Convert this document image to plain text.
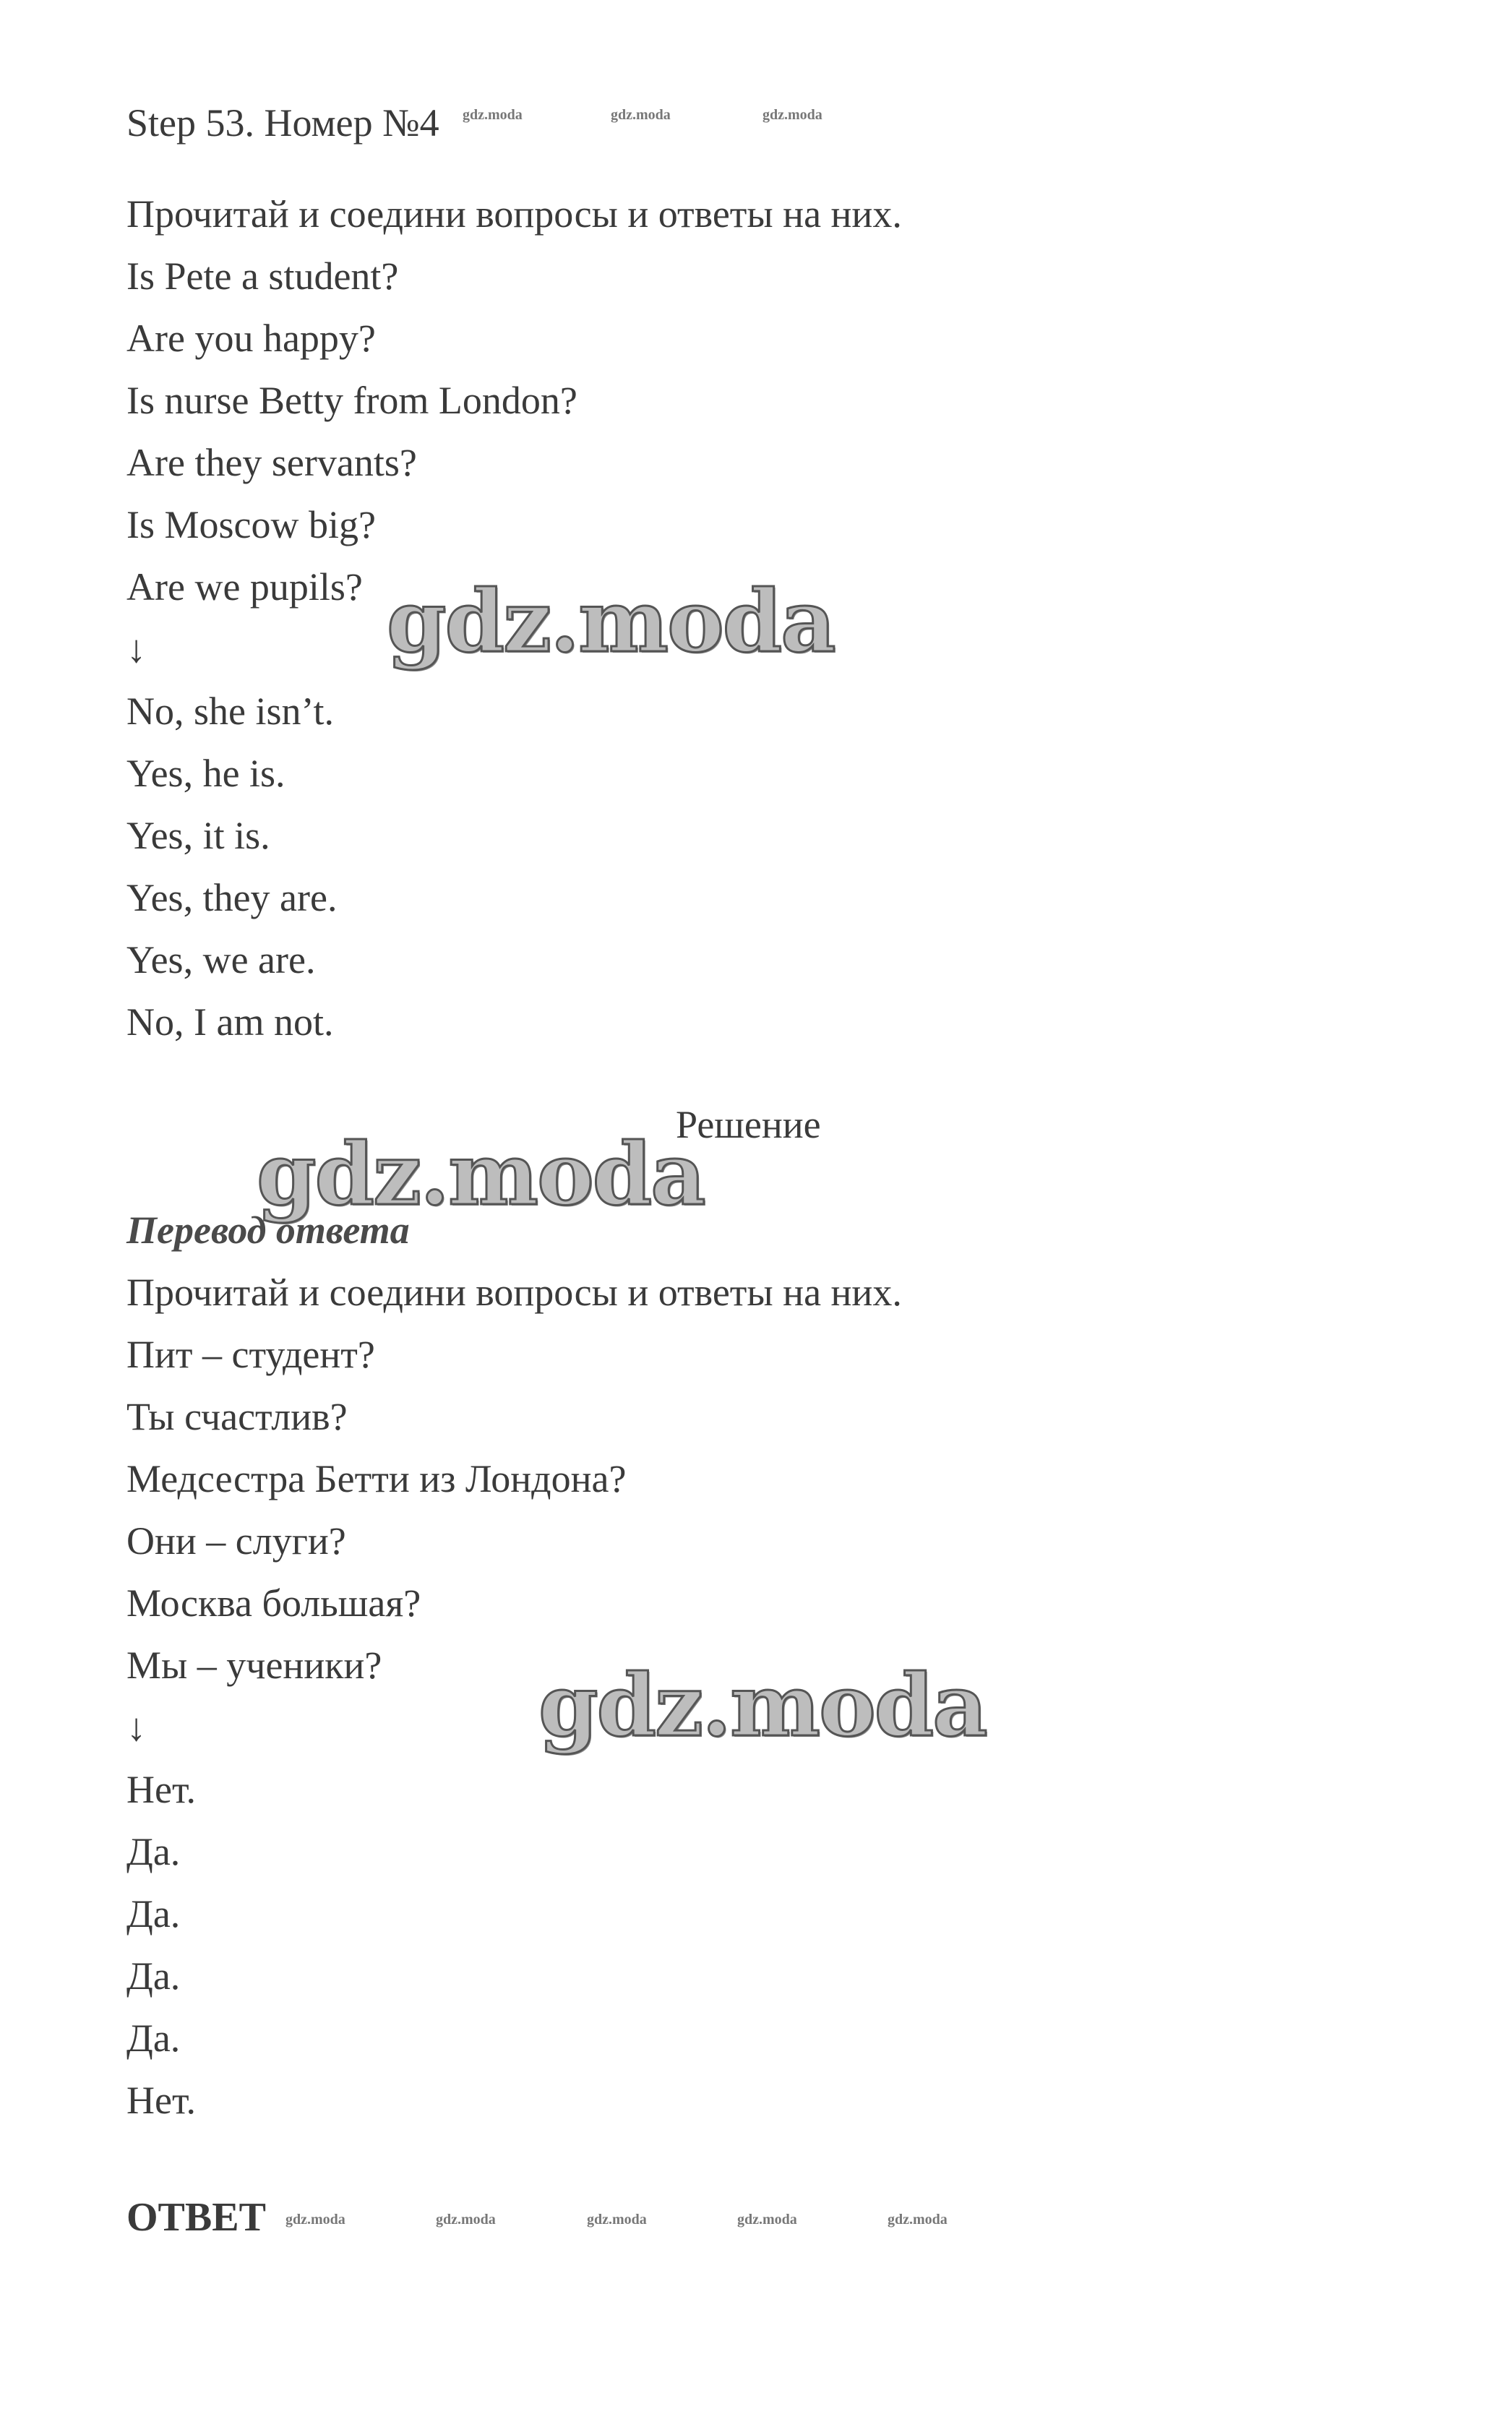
Step 53. Номер №4 gdz.moda	gdz.moda	gdz.moda
Прочитай и соедини вопросы и ответы на них.
Is Pete a student?
Are you happy?
Is nurse Betty from London?
Are they servants?
Is Moscow big?
Are we pupils?
↓
No, she isn’t.
Yes, he is.
Yes, it is.
Yes, they are.
Yes, we are.
No, I am not.
gdz.moda
Решение
gdz.moda
Перевод ответа
Прочитай и соедини вопросы и ответы на них.
Пит – студент?
Ты счастлив?
Медсестра Бетти из Лондона?
Они – слуги?
Москва большая?
Мы – ученики?
↓
Нет.
Да.
Да.
Да.
Да.
Нет.
gdz.moda
ОТВЕТ gdz.moda	gdz.moda	gdz.moda	gdz.moda	gdz.moda
